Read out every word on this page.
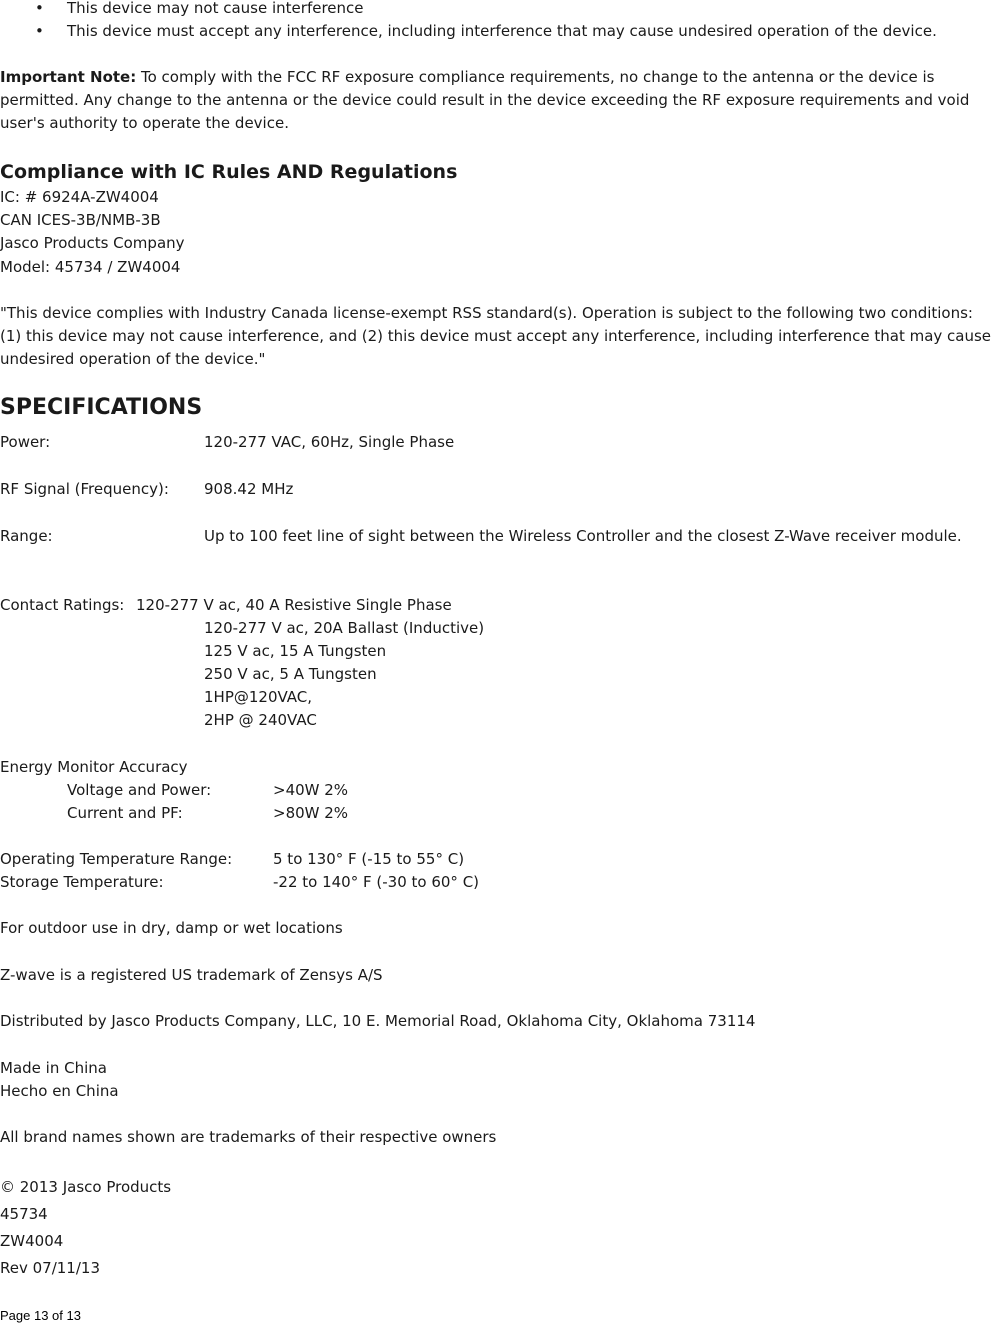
• This device may not cause interference
• This device must accept any interference, including interference that may cause undesired operation of the device.
Important Note: To comply with the FCC RF exposure compliance requirements, no change to the antenna or the device is permitted. Any change to the antenna or the device could result in the device exceeding the RF exposure requirements and void user's authority to operate the device.
Compliance with IC Rules AND Regulations
IC: # 6924A-ZW4004
CAN ICES-3B/NMB-3B
Jasco Products Company
Model: 45734 / ZW4004
"This device complies with Industry Canada license-exempt RSS standard(s). Operation is subject to the following two conditions: (1) this device may not cause interference, and (2) this device must accept any interference, including interference that may cause undesired operation of the device."
SPECIFICATIONS
Power:	120-277 VAC, 60Hz, Single Phase
RF Signal (Frequency): 908.42 MHz
Range:	Up to 100 feet line of sight between the Wireless Controller and the closest Z-Wave receiver module.
Contact Ratings: 120-277 V ac, 40 A Resistive Single Phase
120-277 V ac, 20A Ballast (Inductive)
125 V ac, 15 A Tungsten
250 V ac, 5 A Tungsten
1HP@120VAC,
2HP @ 240VAC
Energy Monitor Accuracy
Voltage and Power:	>40W 2%
Current and PF:	>80W 2%
Operating Temperature Range:	5 to 130° F (-15 to 55° C)
Storage Temperature:	-22 to 140° F (-30 to 60° C)
For outdoor use in dry, damp or wet locations
Z-wave is a registered US trademark of Zensys A/S
Distributed by Jasco Products Company, LLC, 10 E. Memorial Road, Oklahoma City, Oklahoma 73114
Made in China
Hecho en China
All brand names shown are trademarks of their respective owners
© 2013 Jasco Products
45734
ZW4004
Rev 07/11/13
Page 13 of 13
